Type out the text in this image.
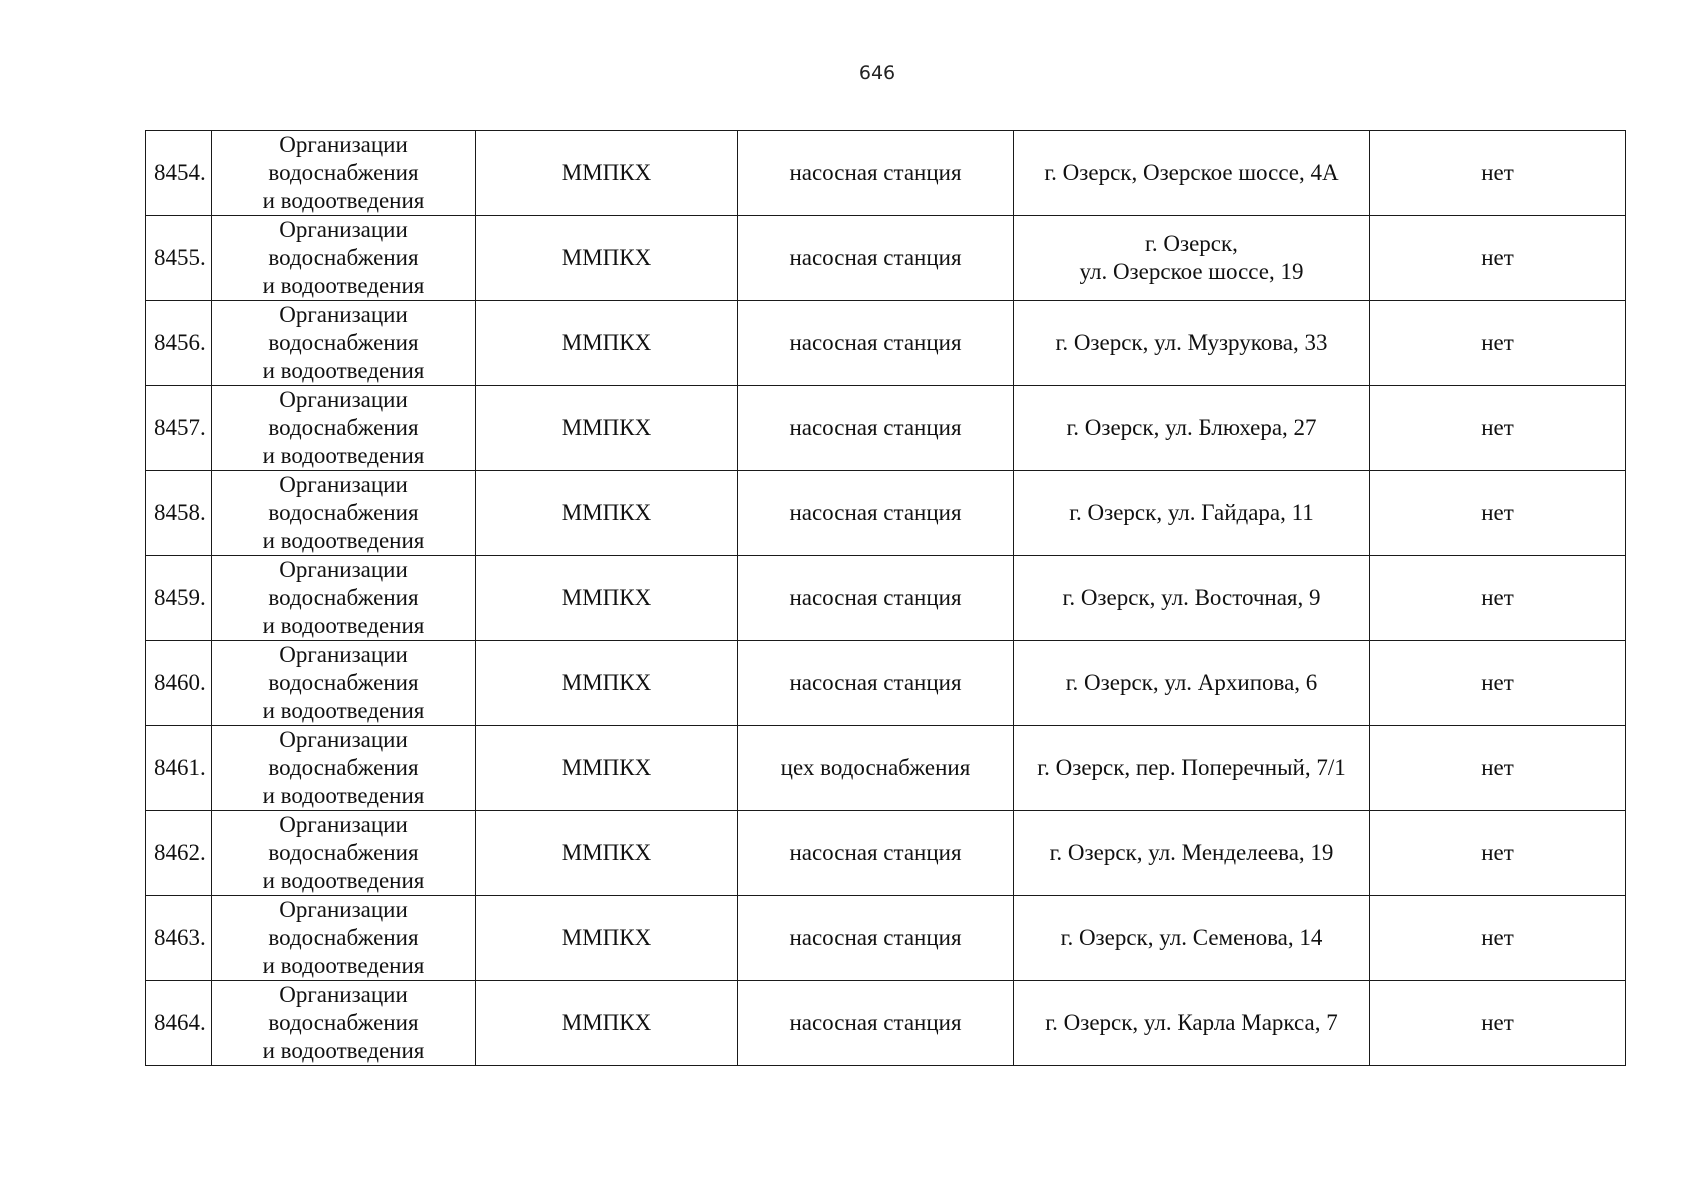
646
8454.	Организации
водоснабжения
и водоотведения	ММПКХ	насосная станция	г. Озерск, Озерское шоссе, 4А	нет
8455.	Организации
водоснабжения
и водоотведения	ММПКХ	насосная станция	г. Озерск,
ул. Озерское шоссе, 19	нет
8456.	Организации
водоснабжения
и водоотведения	ММПКХ	насосная станция	г. Озерск, ул. Музрукова, 33	нет
8457.	Организации
водоснабжения
и водоотведения	ММПКХ	насосная станция	г. Озерск, ул. Блюхера, 27	нет
8458.	Организации
водоснабжения
и водоотведения	ММПКХ	насосная станция	г. Озерск, ул. Гайдара, 11	нет
8459.	Организации
водоснабжения
и водоотведения	ММПКХ	насосная станция	г. Озерск, ул. Восточная, 9	нет
8460.	Организации
водоснабжения
и водоотведения	ММПКХ	насосная станция	г. Озерск, ул. Архипова, 6	нет
8461.	Организации
водоснабжения
и водоотведения	ММПКХ	цех водоснабжения	г. Озерск, пер. Поперечный, 7/1	нет
8462.	Организации
водоснабжения
и водоотведения	ММПКХ	насосная станция	г. Озерск, ул. Менделеева, 19	нет
8463.	Организации
водоснабжения
и водоотведения	ММПКХ	насосная станция	г. Озерск, ул. Семенова, 14	нет
8464.	Организации
водоснабжения
и водоотведения	ММПКХ	насосная станция	г. Озерск, ул. Карла Маркса, 7	нет
